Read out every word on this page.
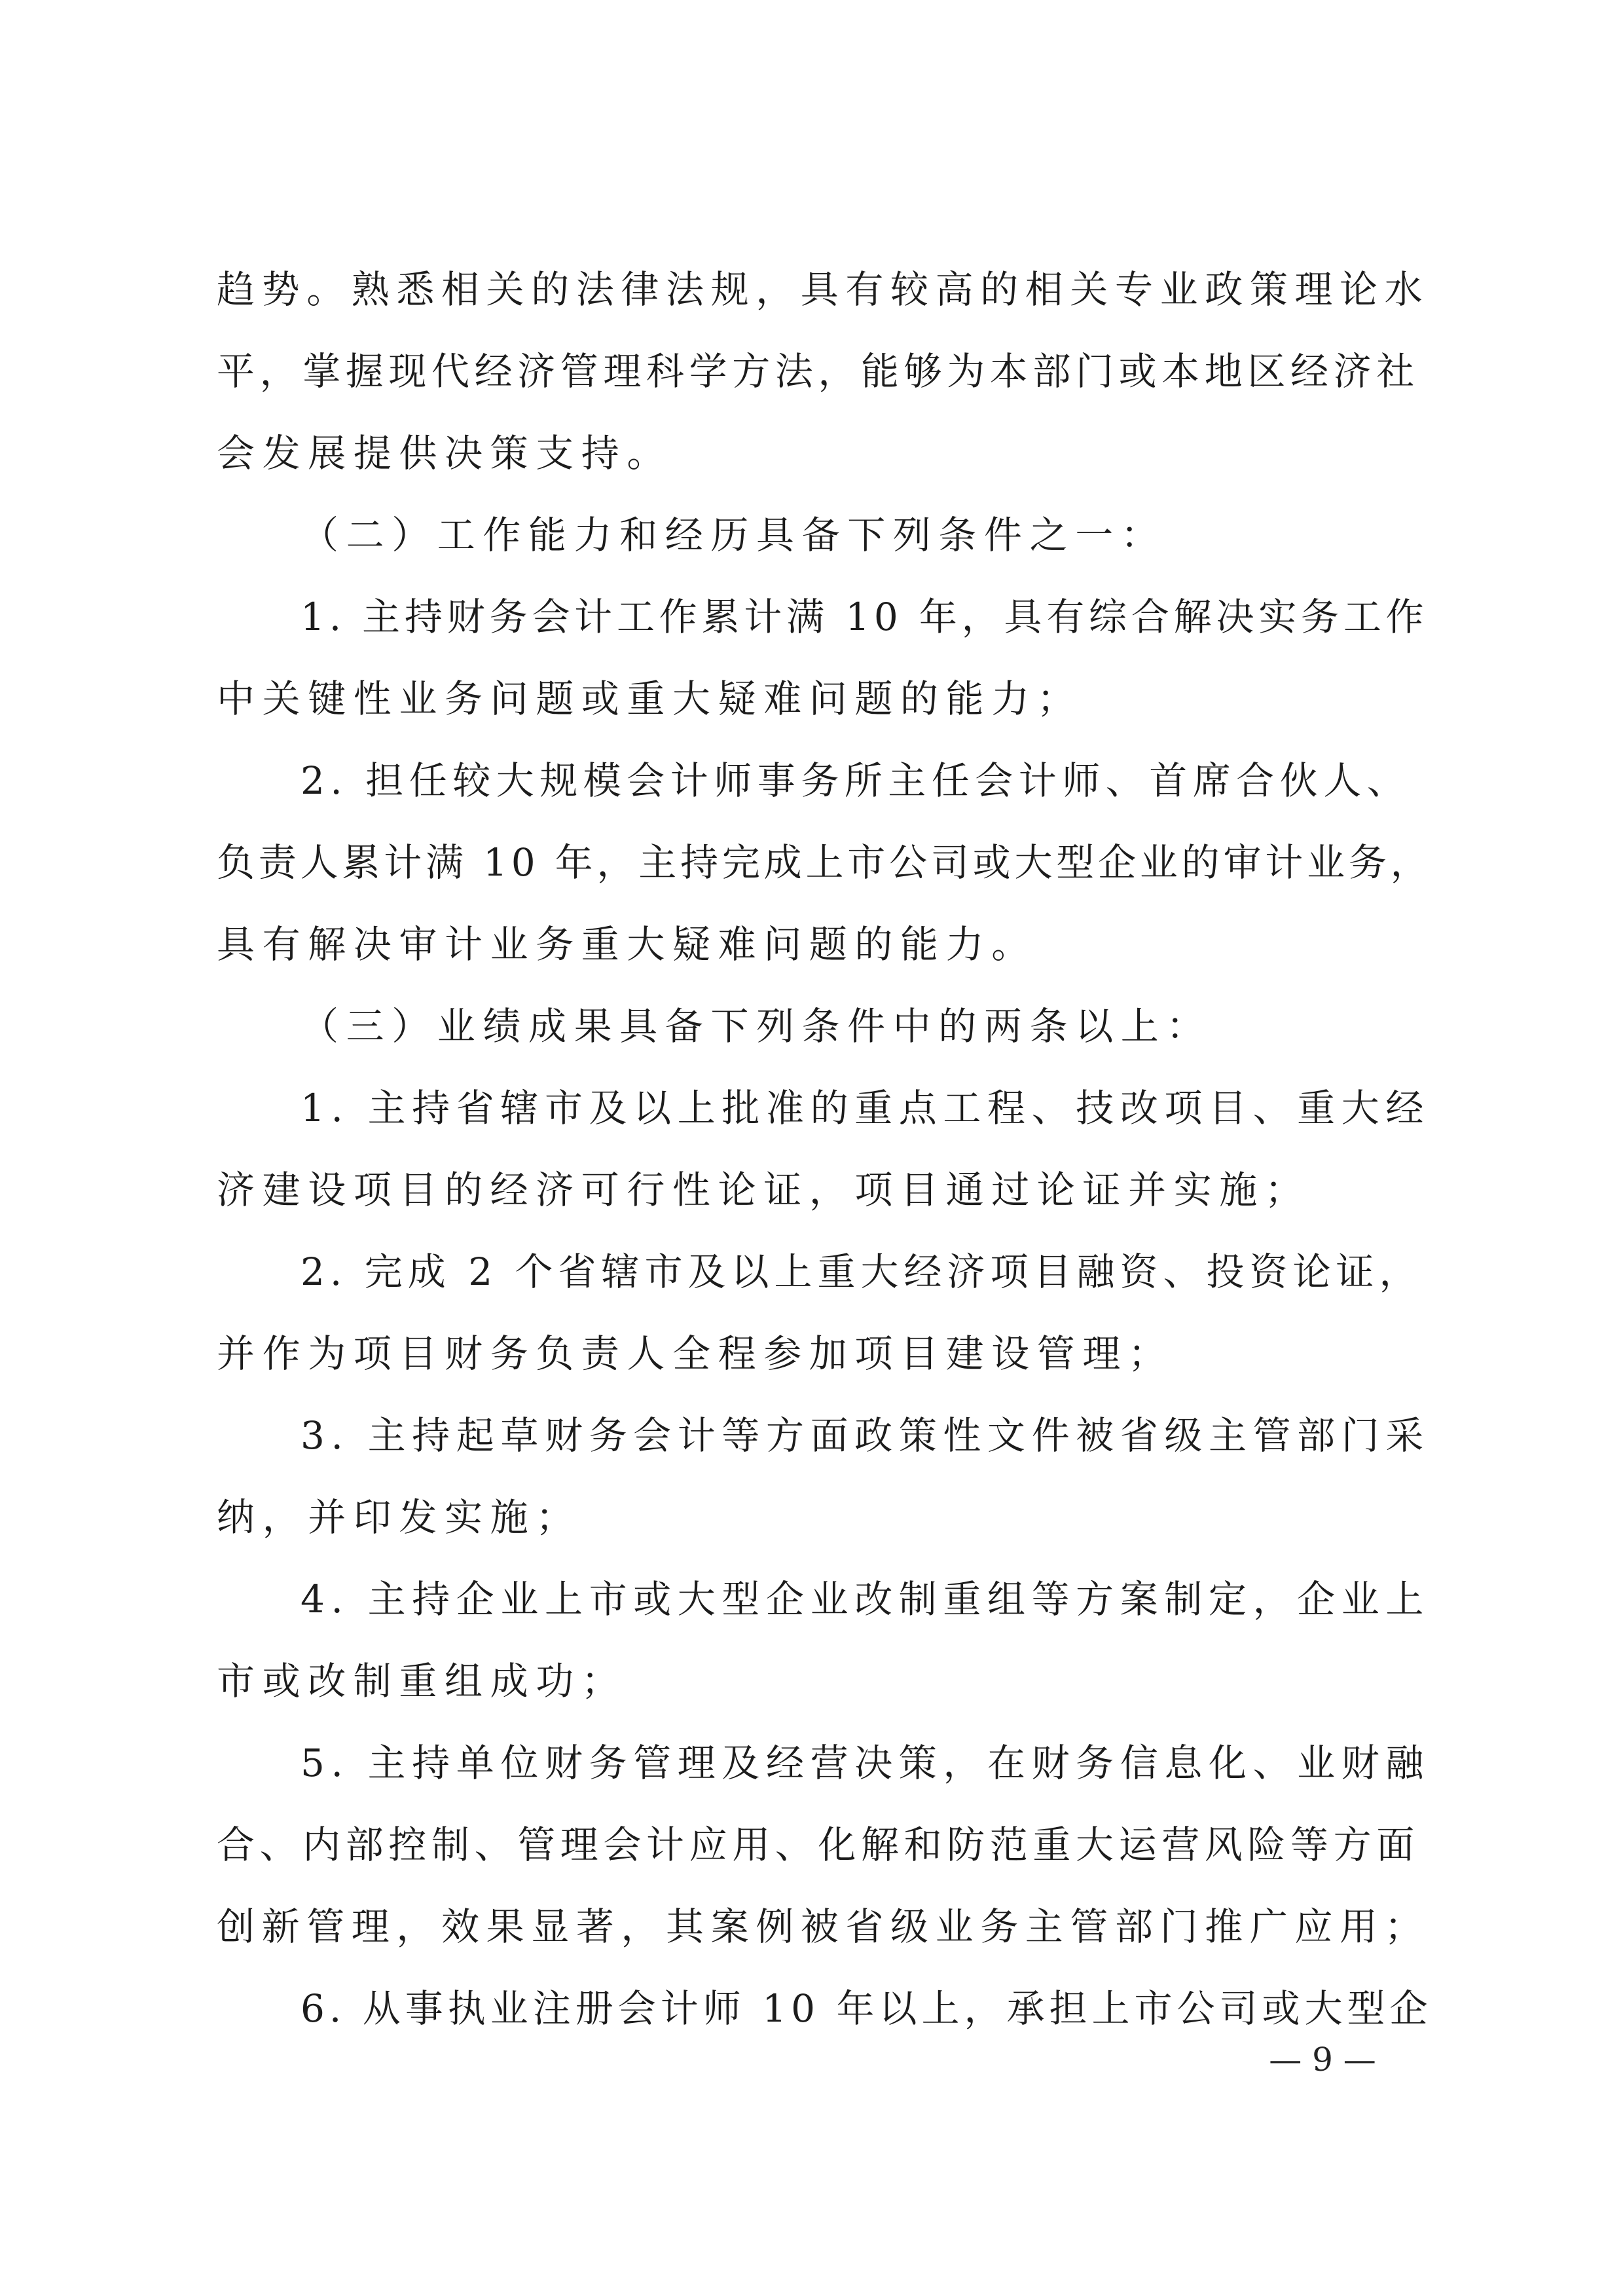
趋势。熟悉相关的法律法规，具有较高的相关专业政策理论水
平，掌握现代经济管理科学方法，能够为本部门或本地区经济社
会发展提供决策支持。
（二）工作能力和经历具备下列条件之一：
1. 主持财务会计工作累计满 10 年，具有综合解决实务工作
中关键性业务问题或重大疑难问题的能力；
2. 担任较大规模会计师事务所主任会计师、首席合伙人、
负责人累计满 10 年，主持完成上市公司或大型企业的审计业务，
具有解决审计业务重大疑难问题的能力。
（三）业绩成果具备下列条件中的两条以上：
1. 主持省辖市及以上批准的重点工程、技改项目、重大经
济建设项目的经济可行性论证，项目通过论证并实施；
2. 完成 2 个省辖市及以上重大经济项目融资、投资论证，
并作为项目财务负责人全程参加项目建设管理；
3. 主持起草财务会计等方面政策性文件被省级主管部门采
纳，并印发实施；
4. 主持企业上市或大型企业改制重组等方案制定，企业上
市或改制重组成功；
5. 主持单位财务管理及经营决策，在财务信息化、业财融
合、内部控制、管理会计应用、化解和防范重大运营风险等方面
创新管理，效果显著，其案例被省级业务主管部门推广应用；
6. 从事执业注册会计师 10 年以上，承担上市公司或大型企
— 9 —
